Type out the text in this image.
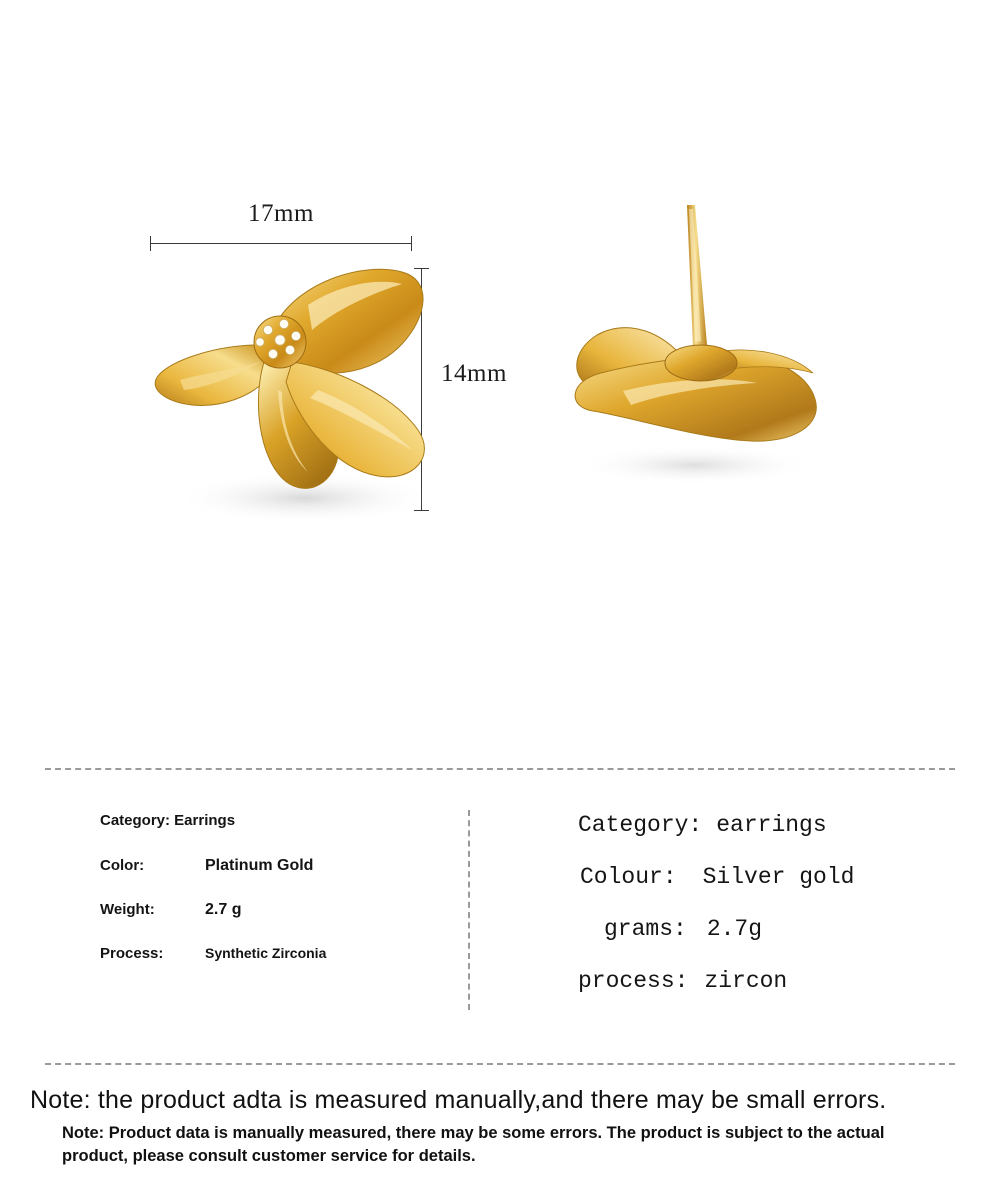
17mm
14mm
Category: Earrings
Color:	Platinum Gold
Weight:	2.7 g
Process:	Synthetic Zirconia
Category: earrings
Colour: Silver gold
grams: 2.7g
process: zircon
Note: the product adta is measured manually,and there may be small errors.
Note: Product data is manually measured, there may be some errors. The product is subject to the actual product, please consult customer service for details.
